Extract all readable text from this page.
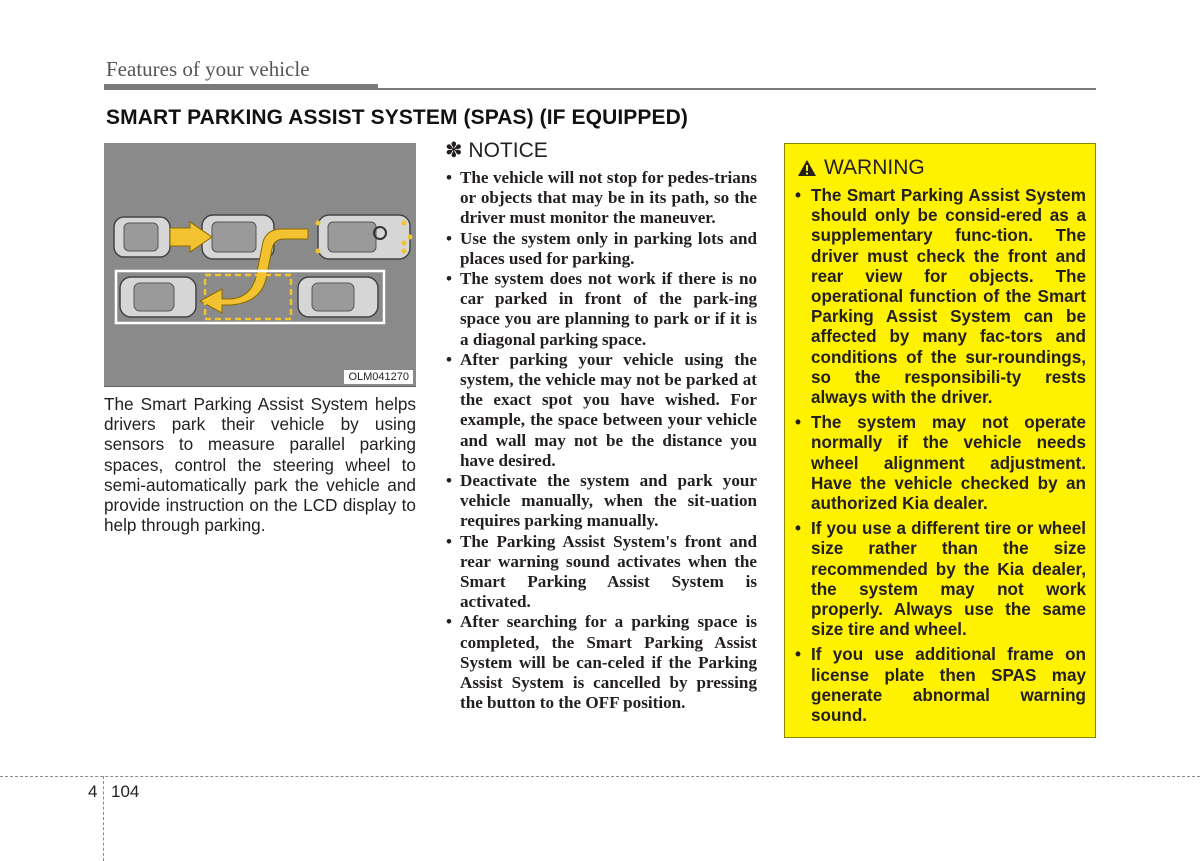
Features of your vehicle
SMART PARKING ASSIST SYSTEM (SPAS) (IF EQUIPPED)
OLM041270

The Smart Parking Assist System helps drivers park their vehicle by using sensors to measure parallel parking spaces, control the steering wheel to semi-automatically park the vehicle and provide instruction on the LCD display to help through parking.

✽ NOTICE
• The vehicle will not stop for pedes-trians or objects that may be in its path, so the driver must monitor the maneuver.
• Use the system only in parking lots and places used for parking.
• The system does not work if there is no car parked in front of the park-ing space you are planning to park or if it is a diagonal parking space.
• After parking your vehicle using the system, the vehicle may not be parked at the exact spot you have wished. For example, the space between your vehicle and wall may not be the distance you have desired.
• Deactivate the system and park your vehicle manually, when the sit-uation requires parking manually.
• The Parking Assist System's front and rear warning sound activates when the Smart Parking Assist System is activated.
• After searching for a parking space is completed, the Smart Parking Assist System will be can-celed if the Parking Assist System is cancelled by pressing the button to the OFF position.
WARNING
• The Smart Parking Assist System should only be consid-ered as a supplementary func-tion. The driver must check the front and rear view for objects. The operational function of the Smart Parking Assist System can be affected by many fac-tors and conditions of the sur-roundings, so the responsibili-ty rests always with the driver.
• The system may not operate normally if the vehicle needs wheel alignment adjustment. Have the vehicle checked by an authorized Kia dealer.
• If you use a different tire or wheel size rather than the size recommended by the Kia dealer, the system may not work properly. Always use the same size tire and wheel.
• If you use additional frame on license plate then SPAS may generate abnormal warning sound.
4 104
